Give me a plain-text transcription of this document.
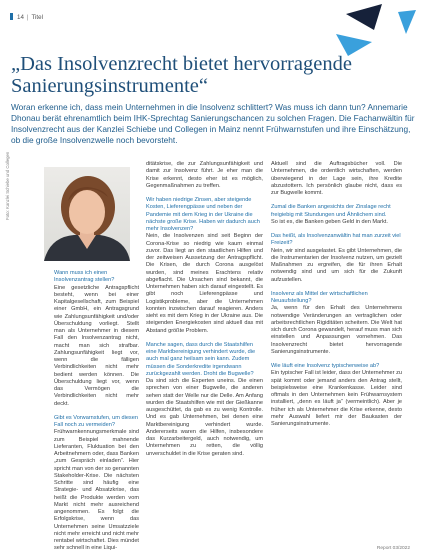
14 | Titel
„Das Insolvenzrecht bietet hervorragende Sanierungsinstrumente“

Woran erkenne ich, dass mein Unternehmen in die Insolvenz schlittert? Was muss ich dann tun? Annemarie Dhonau berät ehrenamtlich beim IHK-Sprechtag Sanierungschancen zu solchen Fragen. Die Fachanwältin für Insolvenzrecht aus der Kanzlei Schiebe und Collegen in Mainz nennt Frühwarnstufen und ihre Einschätzung, ob die große Insolvenzwelle noch bevorsteht.

Foto: Kanzlei Schiebe und Collegen

Wann muss ich einen Insolvenzantrag stellen?

Eine gesetzliche Antragspflicht besteht, wenn bei einer Kapitalgesellschaft, zum Beispiel einer GmbH, ein Antragsgrund wie Zahlungsunfähigkeit und/oder Überschuldung vorliegt. Stellt man als Unternehmer in diesem Fall den Insolvenzantrag nicht, macht man sich strafbar. Zahlungsunfähigkeit liegt vor, wenn die fälligen Verbindlichkeiten nicht mehr bedient werden können. Die Überschuldung liegt vor, wenn das Vermögen die Verbindlichkeiten nicht mehr deckt.

Gibt es Vorwarnstufen, um diesen Fall noch zu vermeiden?

Frühwarnkennungsmerkmale sind zum Beispiel mahnende Lieferanten, Fluktuation bei den Arbeitnehmern oder, dass Banken „zum Gespräch einladen“. Hier spricht man von der so genannten Stakeholder-Krise. Die nächsten Schritte sind häufig eine Strategie- und Absatzkrise, das heißt die Produkte werden vom Markt nicht mehr ausreichend angenommen. Es folgt die Erfolgskrise, wenn das Unternehmen seine Umsatzziele nicht mehr erreicht und nicht mehr rentabel wirtschaftet. Dies mündet sehr schnell in eine Liqui-

ditätskrise, die zur Zahlungsunfähigkeit und damit zur Insolvenz führt. Je eher man die Krise erkennt, desto eher ist es möglich, Gegenmaßnahmen zu treffen.

Wir haben niedrige Zinsen, aber steigende Kosten, Lieferengpässe und neben der Pandemie mit dem Krieg in der Ukraine die nächste große Krise. Haben wir dadurch auch mehr Insolvenzen?

Nein, die Insolvenzen sind seit Beginn der Corona-Krise so niedrig wie kaum einmal zuvor. Das liegt an den staatlichen Hilfen und der zeitweisen Aussetzung der Antragspflicht. Die Krisen, die durch Corona ausgelöst wurden, sind meines Erachtens relativ abgeflacht. Die Ursachen sind bekannt, die Unternehmen haben sich darauf eingestellt. Es gibt noch Lieferengpässe und Logistikprobleme, aber die Unternehmen konnten inzwischen darauf reagieren. Anders sieht es mit dem Krieg in der Ukraine aus. Die steigenden Energiekosten sind aktuell das mit Abstand größte Problem.

Manche sagen, dass durch die Staatshilfen eine Marktbereinigung verhindert wurde, die auch mal ganz heilsam sein kann. Zudem müssen die Sonderkredite irgendwann zurückgezahlt werden. Droht die Bugwelle?

Da sind sich die Experten uneins. Die einen sprechen von einer Bugwelle, die anderen sehen statt der Welle nur die Delle. Am Anfang wurden die Staatshilfen wie mit der Gießkanne ausgeschüttet, da gab es zu wenig Kontrolle. Und es gab Unternehmen, bei denen eine Marktbereinigung verhindert wurde. Andererseits waren die Hilfen, insbesondere das Kurzarbeitergeld, auch notwendig, um Unternehmen zu retten, die völlig unverschuldet in die Krise geraten sind.

Aktuell sind die Auftragsbücher voll. Die Unternehmen, die ordentlich wirtschaften, werden überwiegend in der Lage sein, ihre Kredite abzustottern. Ich persönlich glaube nicht, dass es zur Bugwelle kommt.

Zumal die Banken angesichts der Zinslage recht freigiebig mit Stundungen und Ähnlichem sind.

So ist es, die Banken geben Geld in den Markt.

Das heißt, als Insolvenzanwältin hat man zurzeit viel Freizeit?

Nein, wir sind ausgelastet. Es gibt Unternehmen, die die Instrumentarien der Insolvenz nutzen, um gezielt Maßnahmen zu ergreifen, die für ihren Erhalt notwendig sind und um sich für die Zukunft aufzustellen.

Insolvenz als Mittel der wirtschaftlichen Neuaufstellung?

Ja, wenn für den Erhalt des Unternehmens notwendige Veränderungen an vertraglichen oder arbeitsrechtlichen Rigiditäten scheitern. Die Welt hat sich durch Corona gewandelt, herauf muss man sich einstellen und Anpassungen vornehmen. Das Insolvenzrecht bietet hervorragende Sanierungsinstrumente.

Wie läuft eine Insolvenz typischerweise ab?

Ein typischer Fall ist leider, dass der Unternehmer zu spät kommt oder jemand anders den Antrag stellt, beispielsweise eine Krankenkasse. Leider sind oftmals in den Unternehmen kein Frühwarnsystem installiert, „denn es läuft ja“ (vermeintlich). Aber je früher ich als Unternehmer die Krise erkenne, desto mehr Auswahl liefert mir der Baukasten der Sanierungsinstrumente.

Report 03/2022
